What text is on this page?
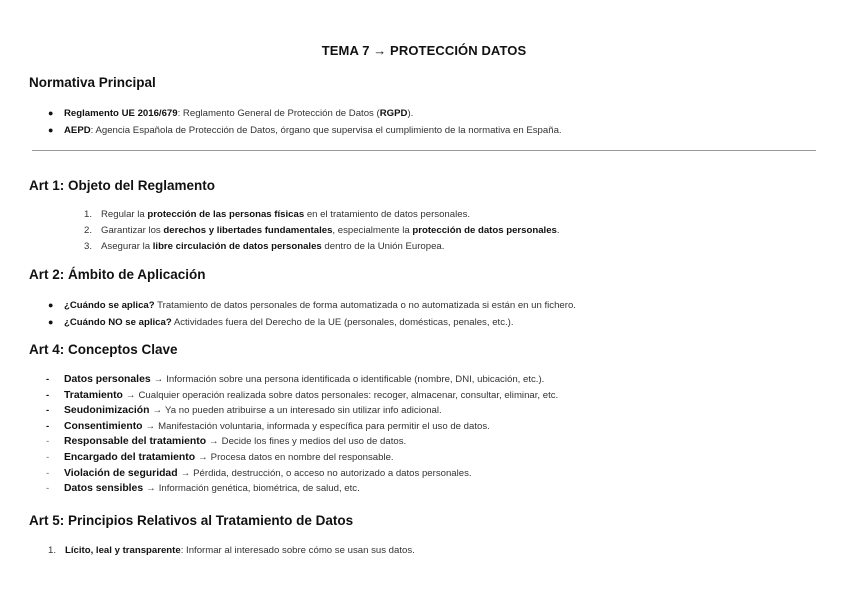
TEMA 7 → PROTECCIÓN DATOS
Normativa Principal
●	Reglamento UE 2016/679: Reglamento General de Protección de Datos (RGPD).
●	AEPD: Agencia Española de Protección de Datos, órgano que supervisa el cumplimiento de la normativa en España.
Art 1: Objeto del Reglamento
1. Regular la protección de las personas físicas en el tratamiento de datos personales.
2. Garantizar los derechos y libertades fundamentales, especialmente la protección de datos personales.
3. Asegurar la libre circulación de datos personales dentro de la Unión Europea.
Art 2: Ámbito de Aplicación
●	¿Cuándo se aplica? Tratamiento de datos personales de forma automatizada o no automatizada si están en un fichero.
●	¿Cuándo NO se aplica? Actividades fuera del Derecho de la UE (personales, domésticas, penales, etc.).
Art 4: Conceptos Clave
-	Datos personales → Información sobre una persona identificada o identificable (nombre, DNI, ubicación, etc.).
-	Tratamiento → Cualquier operación realizada sobre datos personales: recoger, almacenar, consultar, eliminar, etc.
-	Seudonimización → Ya no pueden atribuirse a un interesado sin utilizar info adicional.
-	Consentimiento → Manifestación voluntaria, informada y específica para permitir el uso de datos.
-	Responsable del tratamiento → Decide los fines y medios del uso de datos.
-	Encargado del tratamiento → Procesa datos en nombre del responsable.
-	Violación de seguridad → Pérdida, destrucción, o acceso no autorizado a datos personales.
-	Datos sensibles → Información genética, biométrica, de salud, etc.
Art 5: Principios Relativos al Tratamiento de Datos
1. Lícito, leal y transparente: Informar al interesado sobre cómo se usan sus datos.
